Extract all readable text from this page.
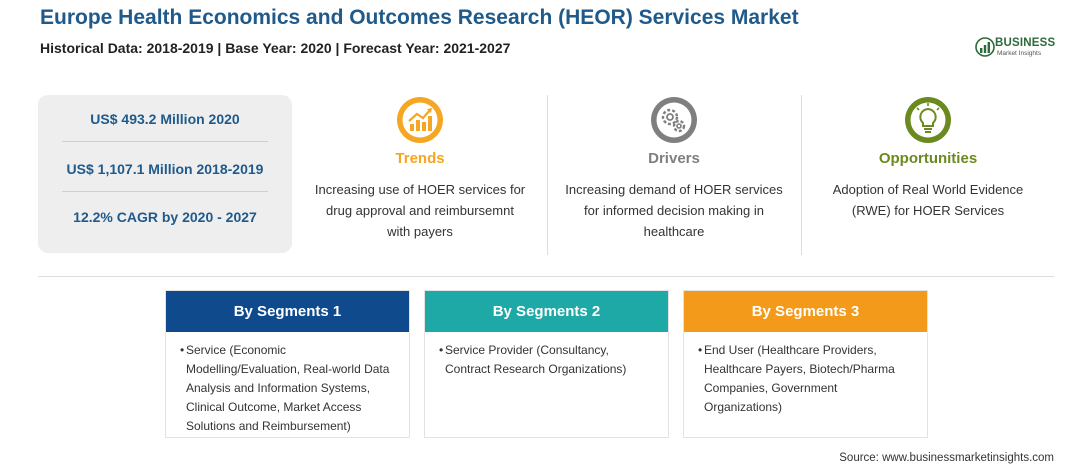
Europe Health Economics and Outcomes Research (HEOR) Services Market
Historical Data: 2018-2019 | Base Year: 2020 | Forecast Year: 2021-2027	BUSINESS
Market Insights
US$ 493.2 Million 2020
US$ 1,107.1 Million 2018-2019
12.2% CAGR by 2020 - 2027
Trends
Increasing use of HOER services for
drug approval and reimbursemnt
with payers
Drivers
Increasing demand of HOER services
for informed decision making in
healthcare
Opportunities
Adoption of Real World Evidence
(RWE) for HOER Services
By Segments 1
• Service (Economic
Modelling/Evaluation, Real-world Data
Analysis and Information Systems,
Clinical Outcome, Market Access
Solutions and Reimbursement)
By Segments 2
• Service Provider (Consultancy,
Contract Research Organizations)
By Segments 3
• End User (Healthcare Providers,
Healthcare Payers, Biotech/Pharma
Companies, Government
Organizations)
Source: www.businessmarketinsights.com
